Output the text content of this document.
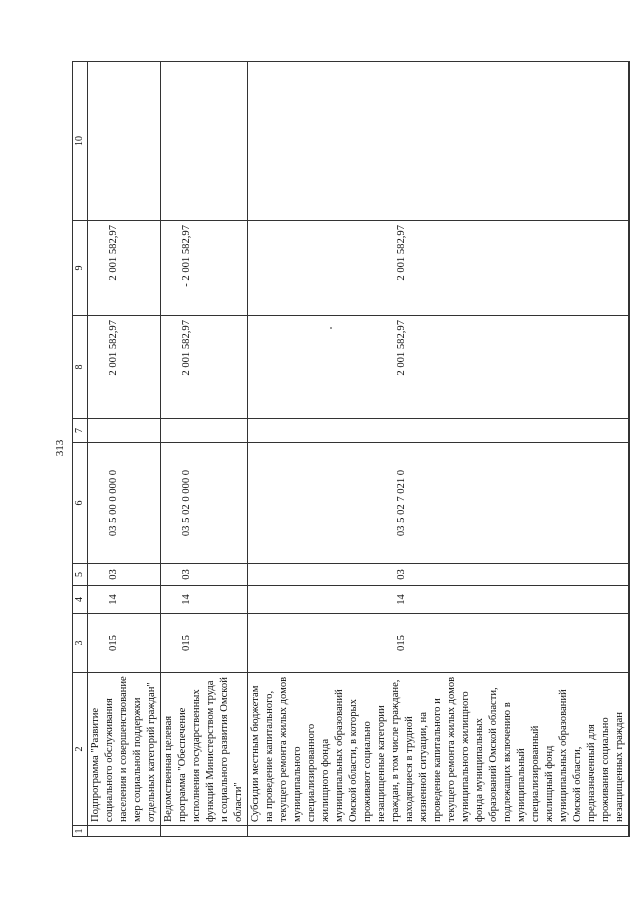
313
1	2	3	4	5	6	7	8	9	10
	Подпрограмма "Развитие социального обслуживания населения и совершенствование мер социальной поддержки отдельных категорий граждан"	015	14	03	03 5 00 0 000 0		2 001 582,97	2 001 582,97	
	Ведомственная целевая программа "Обеспечение исполнения государственных функций Министерством труда и социального развития Омской области"	015	14	03	03 5 02 0 000 0		2 001 582,97	- 2 001 582,97	
	Субсидии местным бюджетам на проведение капитального, текущего ремонта жилых домов муниципального специализированного жилищного фонда муниципальных образований Омской области, в которых проживают социально незащищенные категории граждан, в том числе граждане, находящиеся в трудной жизненной ситуации, на проведение капитального и текущего ремонта жилых домов муниципального жилищного фонда муниципальных образований Омской области, подлежащих включению в муниципальный специализированный жилищный фонд муниципальных образований Омской области, предназначенный для проживания социально незащищенных граждан	015	14	03	03 5 02 7 021 0		2 001 582,97	2 001 582,97	
